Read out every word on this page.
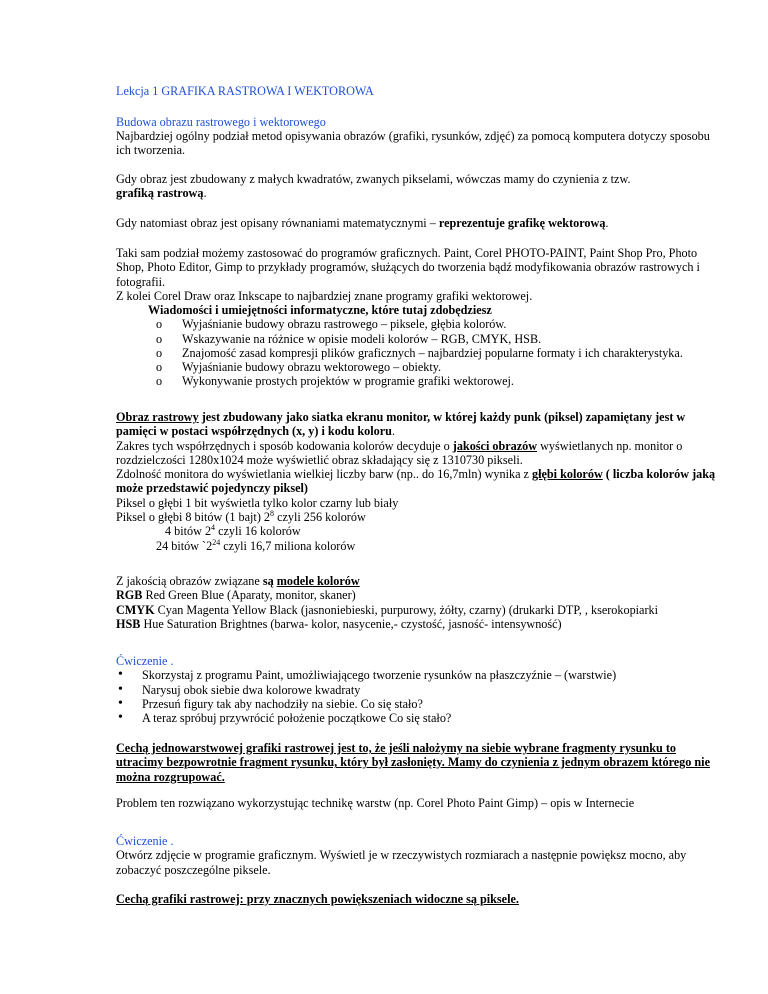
Lekcja 1 GRAFIKA RASTROWA I WEKTOROWA

Budowa obrazu rastrowego i wektorowego

Najbardziej ogólny podział metod opisywania obrazów (grafiki, rysunków, zdjęć) za pomocą komputera dotyczy sposobu ich tworzenia.

Gdy obraz jest zbudowany z małych kwadratów, zwanych pikselami, wówczas mamy do czynienia z tzw.
grafiką rastrową.

Gdy natomiast obraz jest opisany równaniami matematycznymi – reprezentuje grafikę wektorową.

Taki sam podział możemy zastosować do programów graficznych. Paint, Corel PHOTO-PAINT, Paint Shop Pro, Photo Shop, Photo Editor, Gimp to przykłady programów, służących do tworzenia bądź modyfikowania obrazów rastrowych i fotografii.
Z kolei Corel Draw oraz Inkscape to najbardziej znane programy grafiki wektorowej.

Wiadomości i umiejętności informatyczne, które tutaj zdobędziesz
o Wyjaśnianie budowy obrazu rastrowego – piksele, głębia kolorów.
o Wskazywanie na różnice w opisie modeli kolorów – RGB, CMYK, HSB.
o Znajomość zasad kompresji plików graficznych – najbardziej popularne formaty i ich charakterystyka.
o Wyjaśnianie budowy obrazu wektorowego – obiekty.
o Wykonywanie prostych projektów w programie grafiki wektorowej.
Obraz rastrowy jest zbudowany jako siatka ekranu monitor, w której każdy punk (piksel) zapamiętany jest w pamięci w postaci współrzędnych (x, y) i kodu koloru.
Zakres tych współrzędnych i sposób kodowania kolorów decyduje o jakości obrazów wyświetlanych np. monitor o rozdzielczości 1280x1024 może wyświetlić obraz składający się z 1310730 pikseli.
Zdolność monitora do wyświetlania wielkiej liczby barw (np.. do 16,7mln) wynika z głębi kolorów ( liczba kolorów jaką może przedstawić pojedynczy piksel)
Piksel o głębi 1 bit wyświetla tylko kolor czarny lub biały
Piksel o głębi 8 bitów (1 bajt) $2^8$ czyli 256 kolorów
4 bitów $2^4$ czyli 16 kolorów
24 bitów $`2^{24}$ czyli 16,7 miliona kolorów
Z jakością obrazów związane są modele kolorów
RGB Red Green Blue (Aparaty, monitor, skaner)
CMYK Cyan Magenta Yellow Black (jasnoniebieski, purpurowy, żółty, czarny) (drukarki DTP, , kserokopiarki
HSB Hue Saturation Brightnes (barwa- kolor, nasycenie,- czystość, jasność- intensywność)
Ćwiczenie .
• Skorzystaj z programu Paint, umożliwiającego tworzenie rysunków na płaszczyźnie – (warstwie)
• Narysuj obok siebie dwa kolorowe kwadraty
• Przesuń figury tak aby nachodziły na siebie. Co się stało?
• A teraz spróbuj przywrócić położenie początkowe Co się stało?

Cechą jednowarstwowej grafiki rastrowej jest to, że jeśli nałożymy na siebie wybrane fragmenty rysunku to utracimy bezpowrotnie fragment rysunku, który był zasłonięty. Mamy do czynienia z jednym obrazem którego nie można rozgrupować.

Problem ten rozwiązano wykorzystując technikę warstw (np. Corel Photo Paint Gimp) – opis w Internecie

Ćwiczenie .
Otwórz zdjęcie w programie graficznym. Wyświetl je w rzeczywistych rozmiarach a następnie powiększ mocno, aby zobaczyć poszczególne piksele.

Cechą grafiki rastrowej: przy znacznych powiększeniach widoczne są piksele.
